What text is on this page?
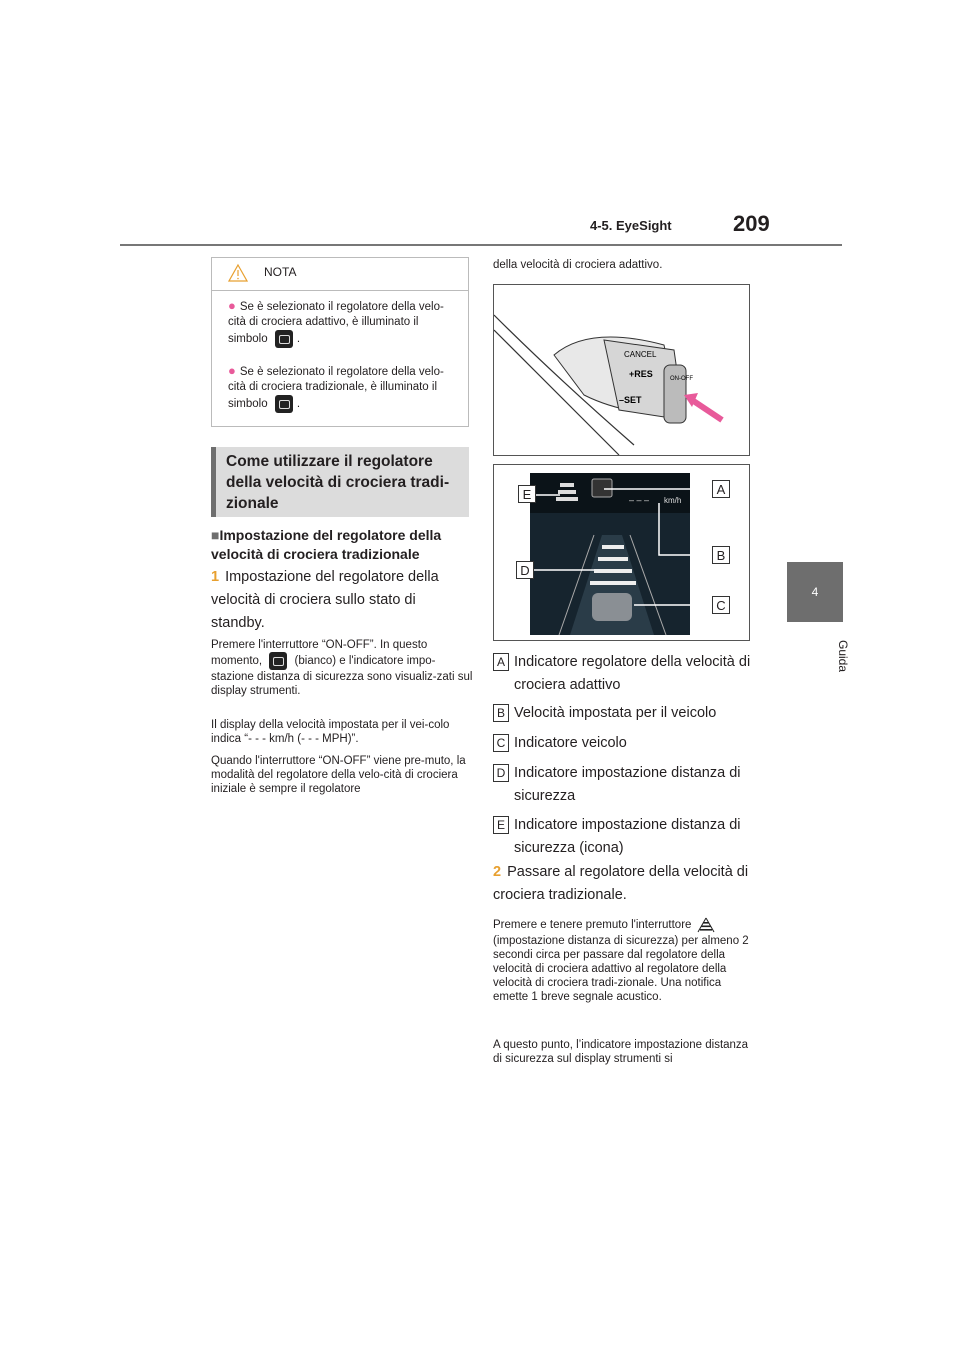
4-5. EyeSight	209
4
Guida
NOTA
● Se è selezionato il regolatore della velo-cità di crociera adattivo, è illuminato il simbolo	.
● Se è selezionato il regolatore della velo-cità di crociera tradizionale, è illuminato il simbolo	.
Come utilizzare il regolatore della velocità di crociera tradi-zionale
■Impostazione del regolatore della velocità di crociera tradizionale
1 Impostazione del regolatore della velocità di crociera sullo stato di standby.
Premere l'interruttore “ON-OFF”. In questo momento,	(bianco) e l'indicatore impo-stazione distanza di sicurezza sono visualiz-zati sul display strumenti.
Il display della velocità impostata per il vei-colo indica “- - - km/h (- - - MPH)”.
Quando l'interruttore “ON-OFF” viene pre-muto, la modalità del regolatore della velo-cità di crociera iniziale è sempre il regolatore
della velocità di crociera adattivo.
CANCEL
+RES
–SET
ON-OFF
– – – km/h
E	A
B
D
C
A Indicatore regolatore della velocità di crociera adattivo
B Velocità impostata per il veicolo
C Indicatore veicolo
D Indicatore impostazione distanza di sicurezza
E Indicatore impostazione distanza di sicurezza (icona)
2 Passare al regolatore della velocità di crociera tradizionale.
Premere e tenere premuto l'interruttore
(impostazione distanza di sicurezza) per almeno 2 secondi circa per passare dal regolatore della velocità di crociera adattivo al regolatore della velocità di crociera tradi-zionale. Una notifica emette 1 breve segnale acustico.
A questo punto, l’indicatore impostazione distanza di sicurezza sul display strumenti si
